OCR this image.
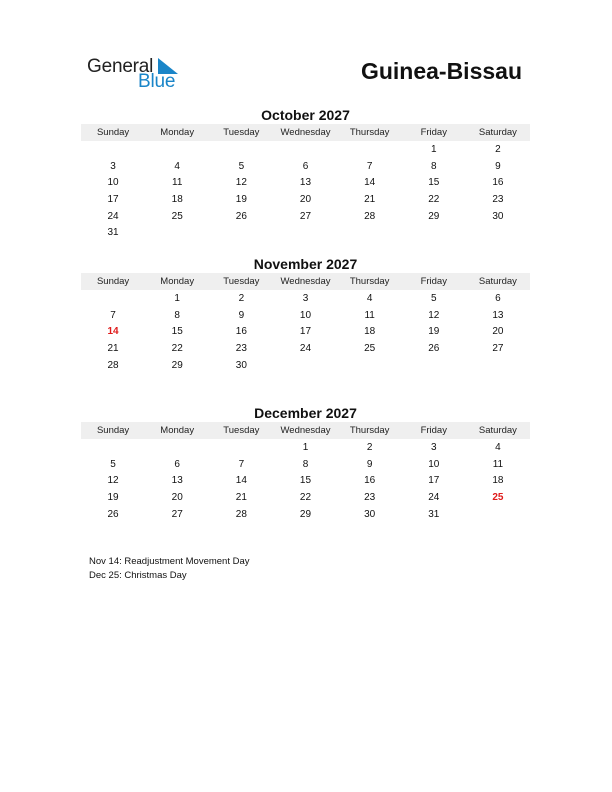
General
Blue	Guinea-Bissau
October 2027
Sunday	Monday	Tuesday	Wednesday	Thursday	Friday	Saturday
					1	2
3	4	5	6	7	8	9
10	11	12	13	14	15	16
17	18	19	20	21	22	23
24	25	26	27	28	29	30
31						
November 2027
Sunday	Monday	Tuesday	Wednesday	Thursday	Friday	Saturday
	1	2	3	4	5	6
7	8	9	10	11	12	13
14	15	16	17	18	19	20
21	22	23	24	25	26	27
28	29	30				
December 2027
Sunday	Monday	Tuesday	Wednesday	Thursday	Friday	Saturday
			1	2	3	4
5	6	7	8	9	10	11
12	13	14	15	16	17	18
19	20	21	22	23	24	25
26	27	28	29	30	31	
Nov 14: Readjustment Movement Day
Dec 25: Christmas Day
